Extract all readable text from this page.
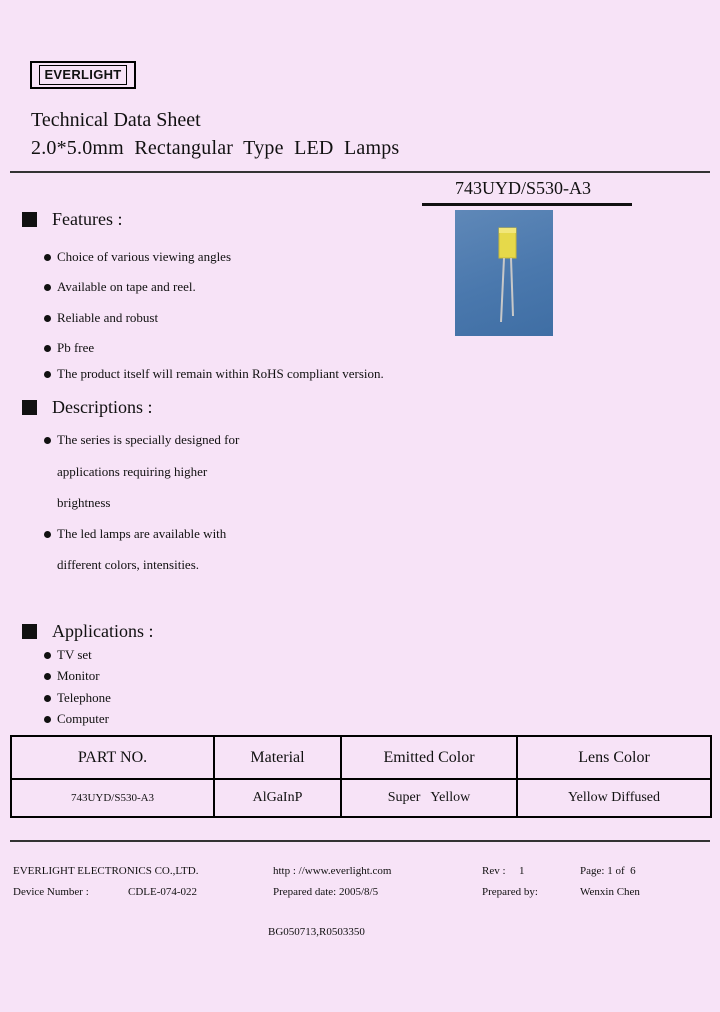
EVERLIGHT
Technical Data Sheet
2.0*5.0mm  Rectangular  Type  LED  Lamps
743UYD/S530-A3
Features :
Choice of various viewing angles
Available on tape and reel.
Reliable and robust
Pb free
The product itself will remain within RoHS compliant version.
Descriptions :
The series is specially designed for
applications requiring higher
brightness
The led lamps are available with
different colors, intensities.
Applications :
TV set
Monitor
Telephone
Computer
PART NO.	Material	Emitted Color	Lens Color
743UYD/S530-A3	AlGaInP	Super   Yellow	Yellow Diffused
EVERLIGHT ELECTRONICS CO.,LTD.	http : //www.everlight.com	Rev : 1	Page: 1 of  6
Device Number :	CDLE-074-022	Prepared date: 2005/8/5	Prepared by:	Wenxin Chen
BG050713,R0503350
